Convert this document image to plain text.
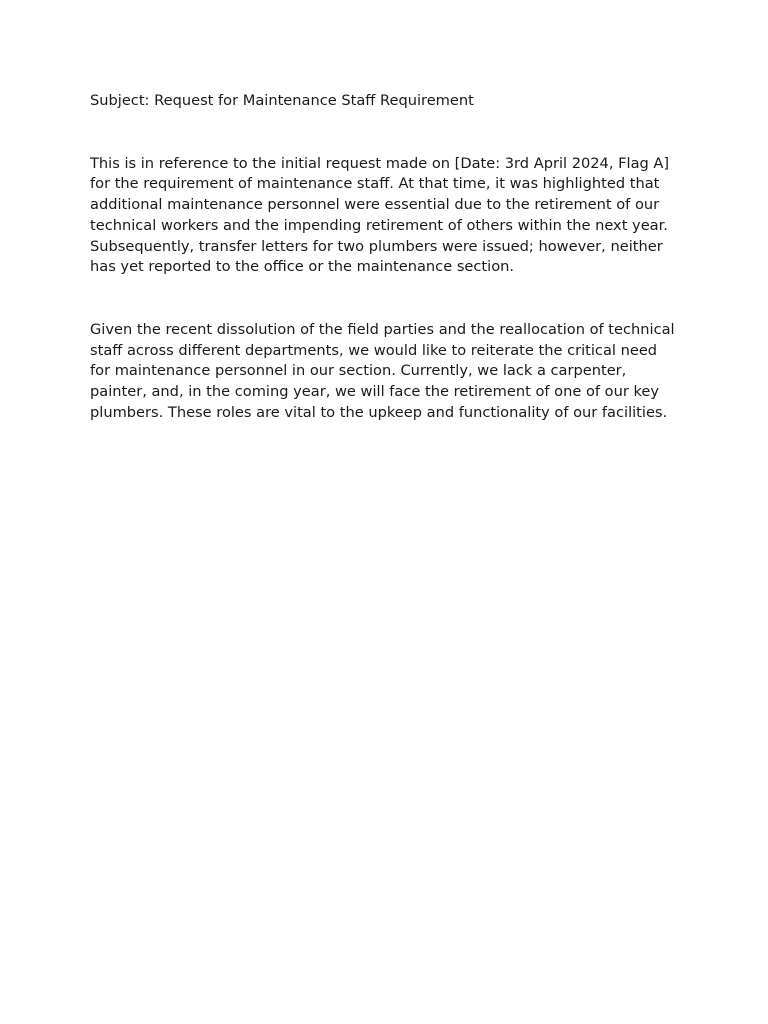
Subject: Request for Maintenance Staff Requirement

This is in reference to the initial request made on [Date: 3rd April 2024, Flag A] for the requirement of maintenance staff. At that time, it was highlighted that additional maintenance personnel were essential due to the retirement of our technical workers and the impending retirement of others within the next year. Subsequently, transfer letters for two plumbers were issued; however, neither has yet reported to the office or the maintenance section.

Given the recent dissolution of the field parties and the reallocation of technical staff across different departments, we would like to reiterate the critical need for maintenance personnel in our section. Currently, we lack a carpenter, painter, and, in the coming year, we will face the retirement of one of our key plumbers. These roles are vital to the upkeep and functionality of our facilities.
